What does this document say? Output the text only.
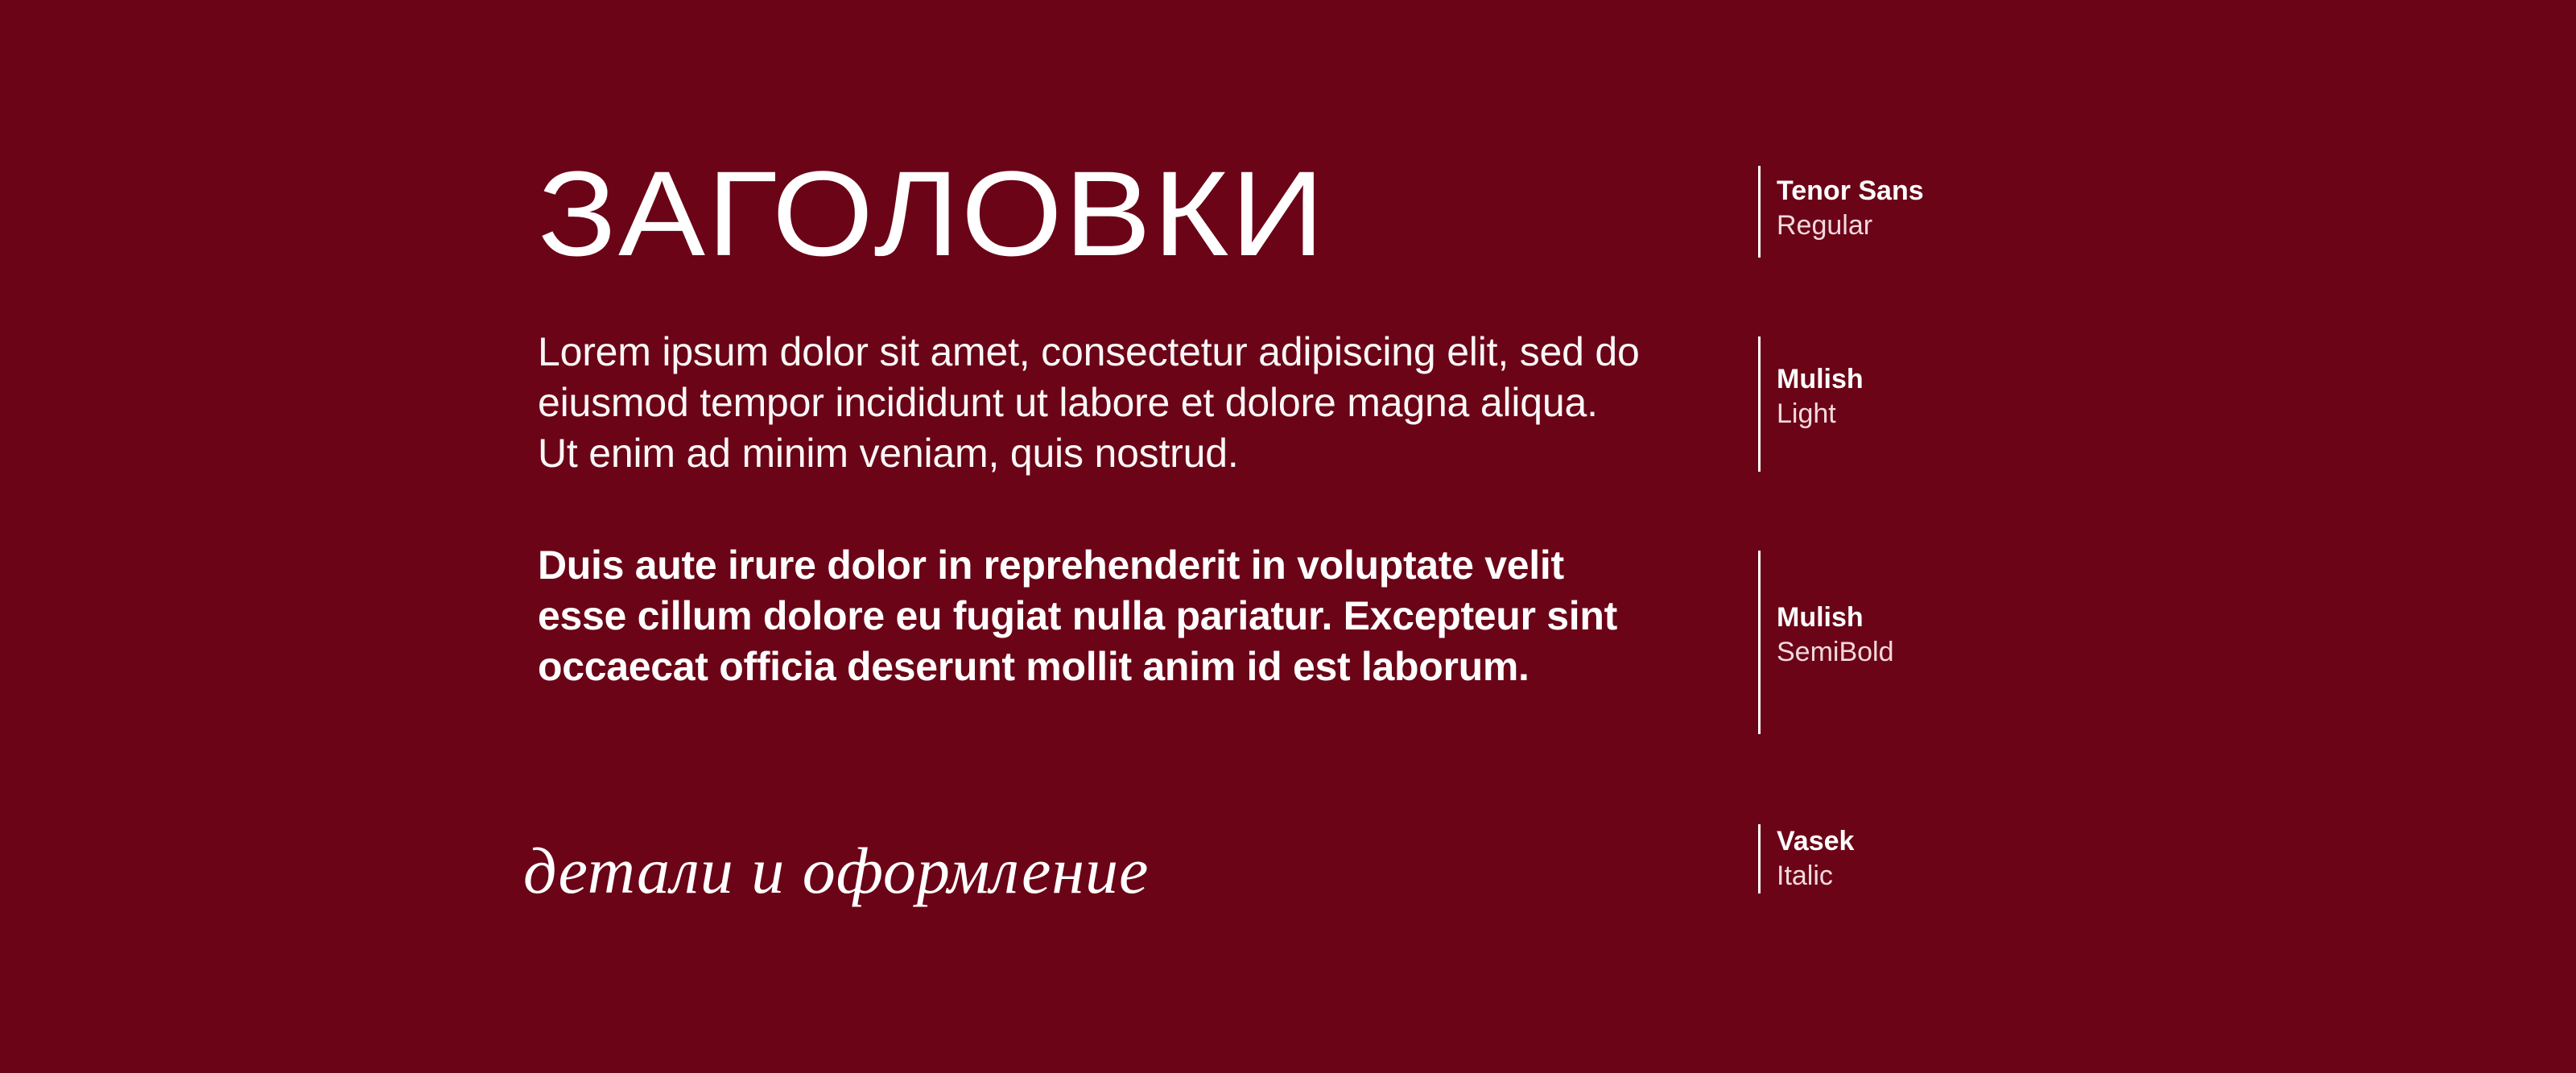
ЗАГОЛОВКИ

Lorem ipsum dolor sit amet, consectetur adipiscing elit, sed do eiusmod tempor incididunt ut labore et dolore magna aliqua. Ut enim ad minim veniam, quis nostrud.

Duis aute irure dolor in reprehenderit in voluptate velit esse cillum dolore eu fugiat nulla pariatur. Excepteur sint occaecat officia deserunt mollit anim id est laborum.

детали и оформление

Tenor Sans
Regular
Mulish
Light
Mulish
SemiBold
Vasek
Italic
